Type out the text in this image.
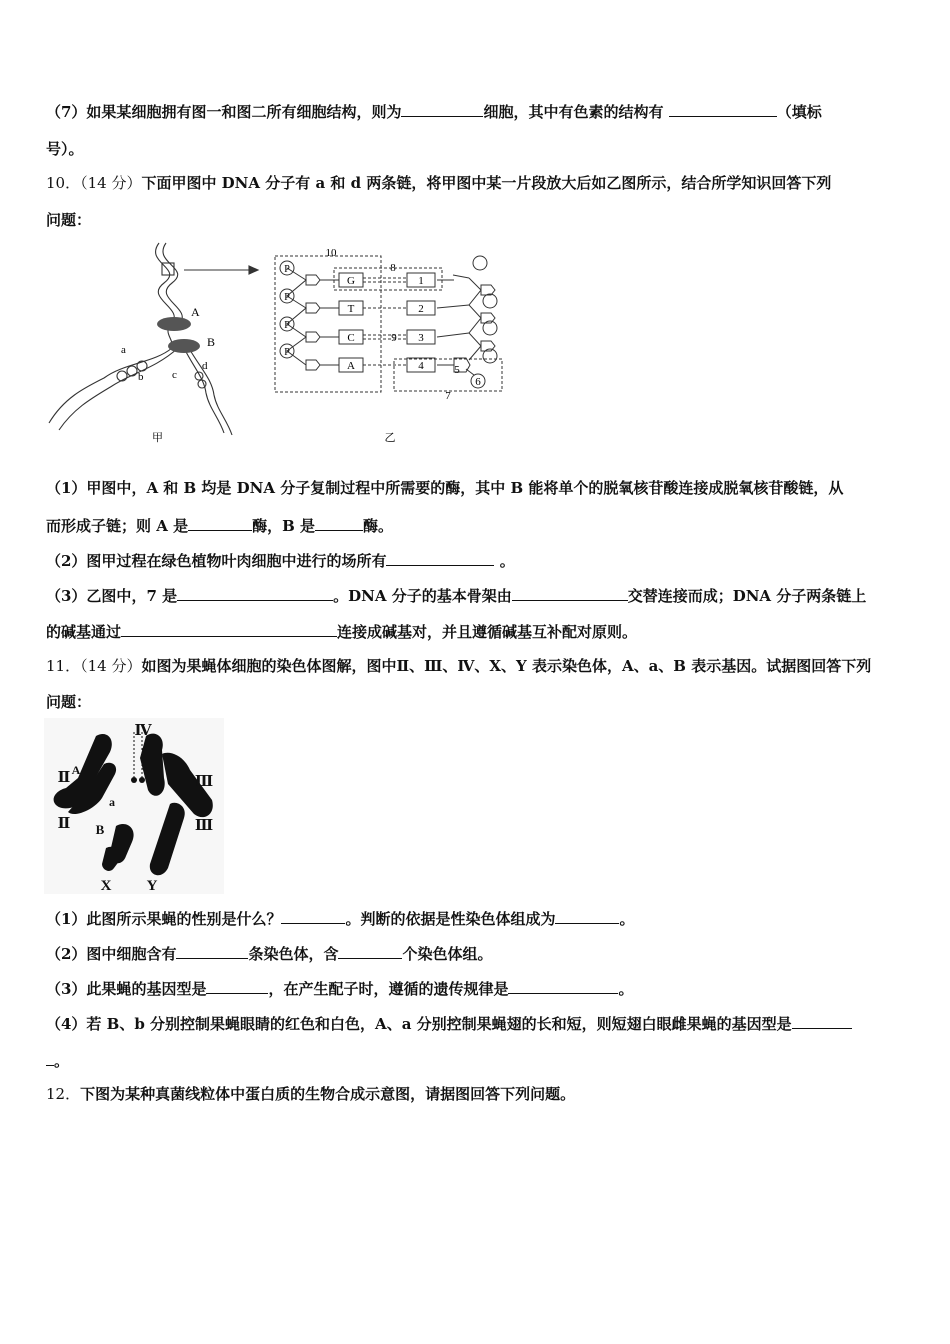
（7）如果某细胞拥有图一和图二所有细胞结构，则为	细胞，其中有色素的结构有	（填标
号）。
10．（14 分）下面甲图中 DNA 分子有 a 和 d 两条链，将甲图中某一片段放大后如乙图所示，结合所学知识回答下列
问题：
A
B
a
b	c
d
甲
P
P
P
P
G
T
C
A
1
2
3
4
10
8
9
5
6
7
乙
（1）甲图中，A 和 B 均是 DNA 分子复制过程中所需要的酶，其中 B 能将单个的脱氧核苷酸连接成脱氧核苷酸链，从
而形成子链；则 A 是	酶，B 是	酶。
（2）图甲过程在绿色植物叶肉细胞中进行的场所有	。
（3）乙图中，7 是	。DNA 分子的基本骨架由	交替连接而成；DNA 分子两条链上
的碱基通过	连接成碱基对，并且遵循碱基互补配对原则。
11．（14 分）如图为果蝇体细胞的染色体图解，图中Ⅱ、Ⅲ、Ⅳ、X、Y 表示染色体，A、a、B 表示基因。试据图回答下列
问题：
Ⅳ
Ⅱ A
a
Ⅱ B
Ⅲ
Ⅲ
X Y
（1）此图所示果蝇的性别是什么？	。判断的依据是性染色体组成为	。
（2）图中细胞含有	条染色体，含	个染色体组。
（3）此果蝇的基因型是	，在产生配子时，遵循的遗传规律是	。
（4）若 B、b 分别控制果蝇眼睛的红色和白色，A、a 分别控制果蝇翅的长和短，则短翅白眼雌果蝇的基因型是
。
12．下图为某种真菌线粒体中蛋白质的生物合成示意图，请据图回答下列问题。
